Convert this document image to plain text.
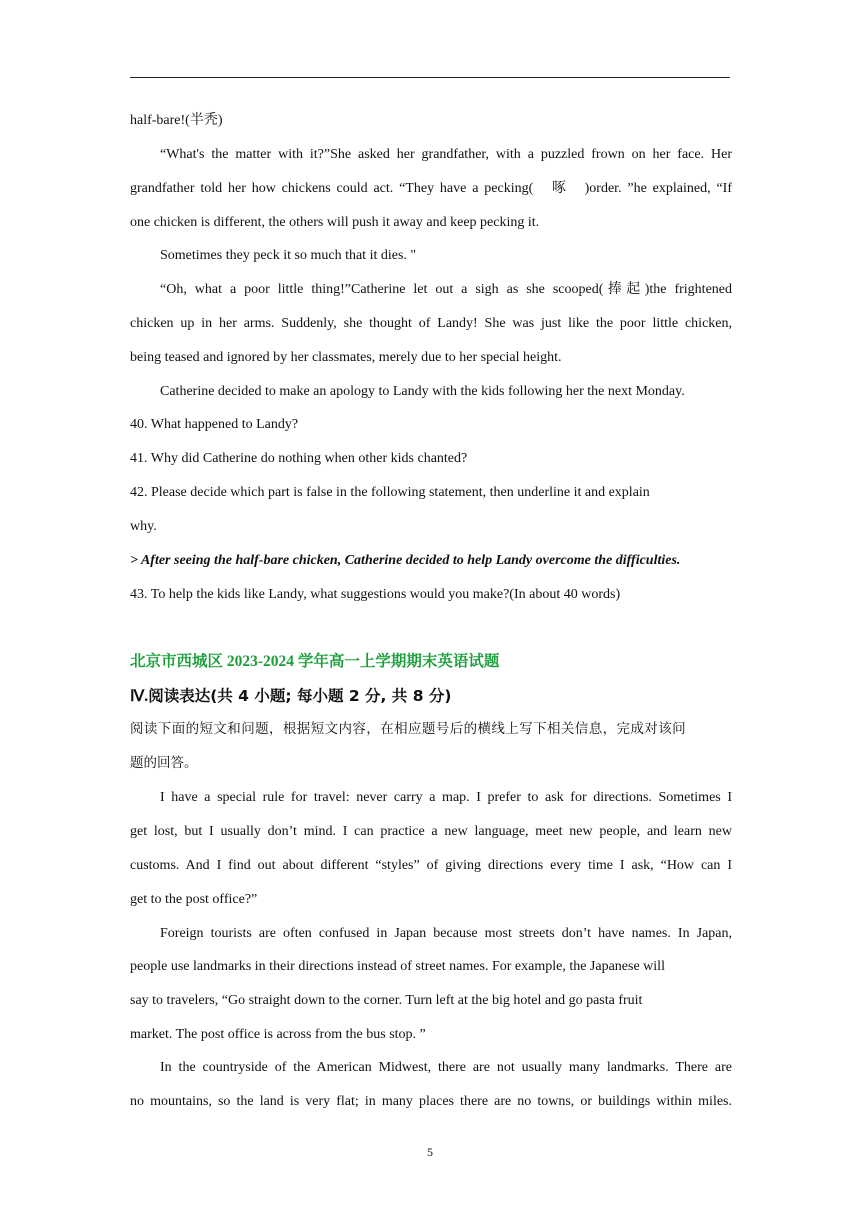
half-bare!(半秃)
“What's the matter with it?”She asked her grandfather, with a puzzled frown on her face. Her
grandfather told her how chickens could act. “They have a pecking(　啄　)order. ”he explained, “If
one chicken is different, the others will push it away and keep pecking it.
Sometimes they peck it so much that it dies. "
“Oh, what a poor little thing!”Catherine let out a sigh as she scooped(捧起)the frightened
chicken up in her arms. Suddenly, she thought of Landy! She was just like the poor little chicken,
being teased and ignored by her classmates, merely due to her special height.
Catherine decided to make an apology to Landy with the kids following her the next Monday.
40. What happened to Landy?
41. Why did Catherine do nothing when other kids chanted?
42. Please decide which part is false in the following statement, then underline it and explain
why.
> After seeing the half-bare chicken, Catherine decided to help Landy overcome the difficulties.
43. To help the kids like Landy, what suggestions would you make?(In about 40 words)
北京市西城区 2023-2024 学年高一上学期期末英语试题
Ⅳ.阅读表达(共 4 小题; 每小题 2 分, 共 8 分)
阅读下面的短文和问题，根据短文内容，在相应题号后的横线上写下相关信息，完成对该问
题的回答。
I have a special rule for travel: never carry a map. I prefer to ask for directions. Sometimes I
get lost, but I usually don’t mind. I can practice a new language, meet new people, and learn new
customs. And I find out about different “styles” of giving directions every time I ask, “How can I
get to the post office?”
Foreign tourists are often confused in Japan because most streets don’t have names. In Japan,
people use landmarks in their directions instead of street names. For example, the Japanese will
say to travelers, “Go straight down to the corner. Turn left at the big hotel and go pasta fruit
market. The post office is across from the bus stop. ”
In the countryside of the American Midwest, there are not usually many landmarks. There are
no mountains, so the land is very flat; in many places there are no towns, or buildings within miles.
5
